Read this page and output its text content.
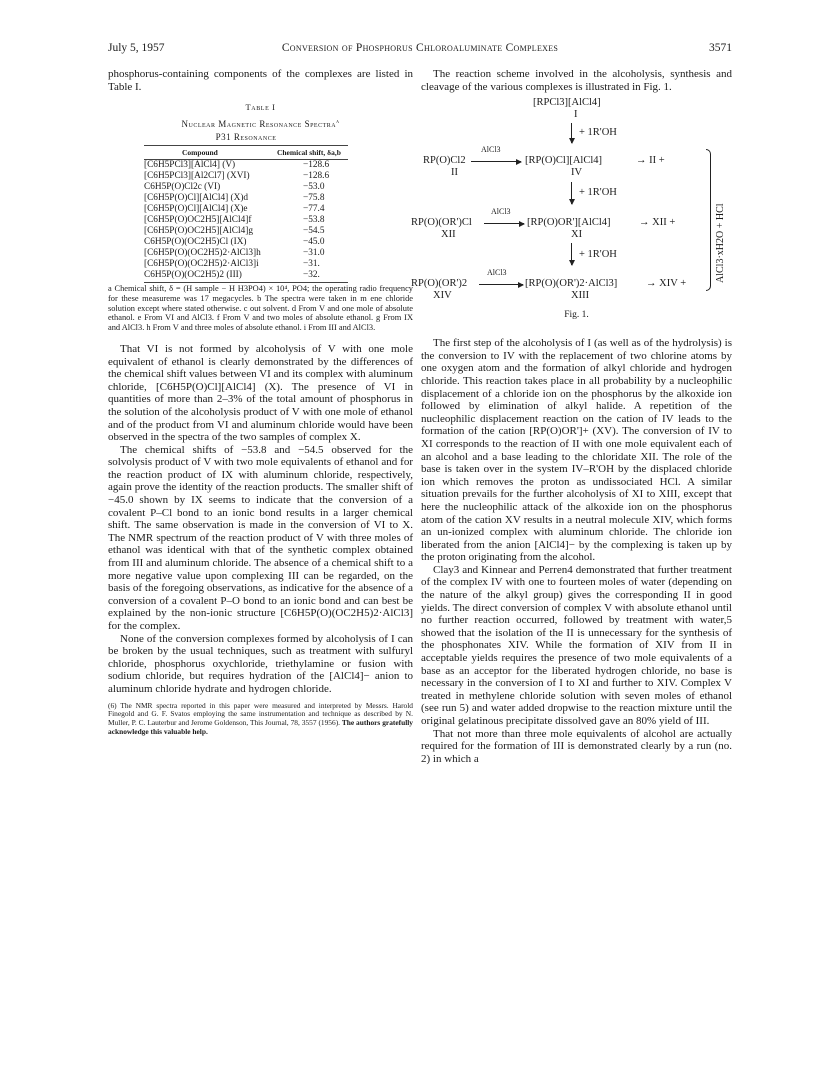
July 5, 1957	Conversion of Phosphorus Chloroaluminate Complexes	3571

phosphorus-containing components of the complexes are listed in Table I.

Table I
Nuclear Magnetic Resonance Spectra$^a$
P31 Resonance
Compound	Chemical shift, δa,b
[C6H5PCl3][AlCl4] (V)	−128.6
[C6H5PCl3][Al2Cl7] (XVI)	−128.6
C6H5P(O)Cl2c (VI)	−53.0
[C6H5P(O)Cl][AlCl4] (X)d	−75.8
[C6H5P(O)Cl][AlCl4] (X)e	−77.4
[C6H5P(O)OC2H5][AlCl4]f	−53.8
[C6H5P(O)OC2H5][AlCl4]g	−54.5
C6H5P(O)(OC2H5)Cl (IX)	−45.0
[C6H5P(O)(OC2H5)2·AlCl3]h	−31.0
[C6H5P(O)(OC2H5)2·AlCl3]i	−31.
C6H5P(O)(OC2H5)2 (III)	−32.
a Chemical shift, δ = (H sample − H H3PO4) × 10⁴, PO4; the operating radio frequency for these measureme was 17 megacycles. b The spectra were taken in m ene chloride solution except where stated otherwise. c out solvent. d From V and one mole of absolute ethanol. e From VI and AlCl3. f From V and two moles of absolute ethanol. g From IX and AlCl3. h From V and three moles of absolute ethanol. i From III and AlCl3.

That VI is not formed by alcoholysis of V with one mole equivalent of ethanol is clearly demonstrated by the differences of the chemical shift values between VI and its complex with aluminum chloride, [C6H5P(O)Cl][AlCl4] (X). The presence of VI in quantities of more than 2–3% of the total amount of phosphorus in the solution of the alcoholysis product of V with one mole of ethanol and of the product from VI and aluminum chloride would have been observed in the spectra of the two samples of complex X.

The chemical shifts of −53.8 and −54.5 observed for the solvolysis product of V with two mole equivalents of ethanol and for the reaction product of IX with aluminum chloride, respectively, again prove the identity of the reaction products. The smaller shift of −45.0 shown by IX seems to indicate that the conversion of a covalent P–Cl bond to an ionic bond results in a larger chemical shift. The same observation is made in the conversion of VI to X. The NMR spectrum of the reaction product of V with three moles of ethanol was identical with that of the synthetic complex obtained from III and aluminum chloride. The absence of a chemical shift to a more negative value upon complexing III can be regarded, on the basis of the foregoing observations, as indicative for the absence of a conversion of a covalent P–O bond to an ionic bond and can best be explained by the non-ionic structure [C6H5P(O)(OC2H5)2·AlCl3] for the complex.

None of the conversion complexes formed by alcoholysis of I can be broken by the usual techniques, such as treatment with sulfuryl chloride, phosphorus oxychloride, triethylamine or fusion with sodium chloride, but requires hydration of the [AlCl4]− anion to aluminum chloride hydrate and hydrogen chloride.

(6) The NMR spectra reported in this paper were measured and interpreted by Messrs. Harold Finegold and G. F. Svatos employing the same instrumentation and technique as described by N. Muller, P. C. Lauterbur and Jerome Goldenson, This Journal, 78, 3557 (1956). The authors gratefully acknowledge this valuable help.

The reaction scheme involved in the alcoholysis, synthesis and cleavage of the various complexes is illustrated in Fig. 1.

[RPCl3][AlCl4]
I
+ 1R'OH
AlCl3
RP(O)Cl2
II
[RP(O)Cl][AlCl4]
IV
→ II +
+ 1R'OH
AlCl3
RP(O)(OR')Cl
XII
[RP(O)OR'][AlCl4]
XI
→ XII +
+ 1R'OH
AlCl3
RP(O)(OR')2
XIV
[RP(O)(OR')2·AlCl3]
XIII
→ XIV +
AlCl3·xH2O + HCl
Fig. 1.

The first step of the alcoholysis of I (as well as of the hydrolysis) is the conversion to IV with the replacement of two chlorine atoms by one oxygen atom and the formation of alkyl chloride and hydrogen chloride. This reaction takes place in all probability by a nucleophilic displacement of a chloride ion on the phosphorus by the alkoxide ion followed by elimination of alkyl halide. A repetition of the nucleophilic displacement reaction on the cation of IV leads to the formation of the cation [RP(O)OR']+ (XV). The conversion of IV to XI corresponds to the reaction of II with one mole equivalent each of an alcohol and a base leading to the chloridate XII. The role of the base is taken over in the system IV–R'OH by the displaced chloride ion which removes the proton as undissociated HCl. A similar situation prevails for the further alcoholysis of XI to XIII, except that here the nucleophilic attack of the alkoxide ion on the phosphorus atom of the cation XV results in a neutral molecule XIV, which forms an un-ionized complex with aluminum chloride. The chloride ion liberated from the anion [AlCl4]− by the complexing is taken up by the proton originating from the alcohol.

Clay3 and Kinnear and Perren4 demonstrated that further treatment of the complex IV with one to fourteen moles of water (depending on the nature of the alkyl group) gives the corresponding II in good yields. The direct conversion of complex V with absolute ethanol until no further reaction occurred, followed by treatment with water,5 showed that the isolation of the II is unnecessary for the synthesis of the phosphonates XIV. While the formation of XIV from II in acceptable yields requires the presence of two mole equivalents of a base as an acceptor for the liberated hydrogen chloride, no base is necessary in the conversion of I to XI and further to XIV. Complex V treated in methylene chloride solution with seven moles of ethanol (see run 5) and water added dropwise to the reaction mixture until the original gelatinous precipitate dissolved gave an 80% yield of III.

That not more than three mole equivalents of alcohol are actually required for the formation of III is demonstrated clearly by a run (no. 2) in which a
